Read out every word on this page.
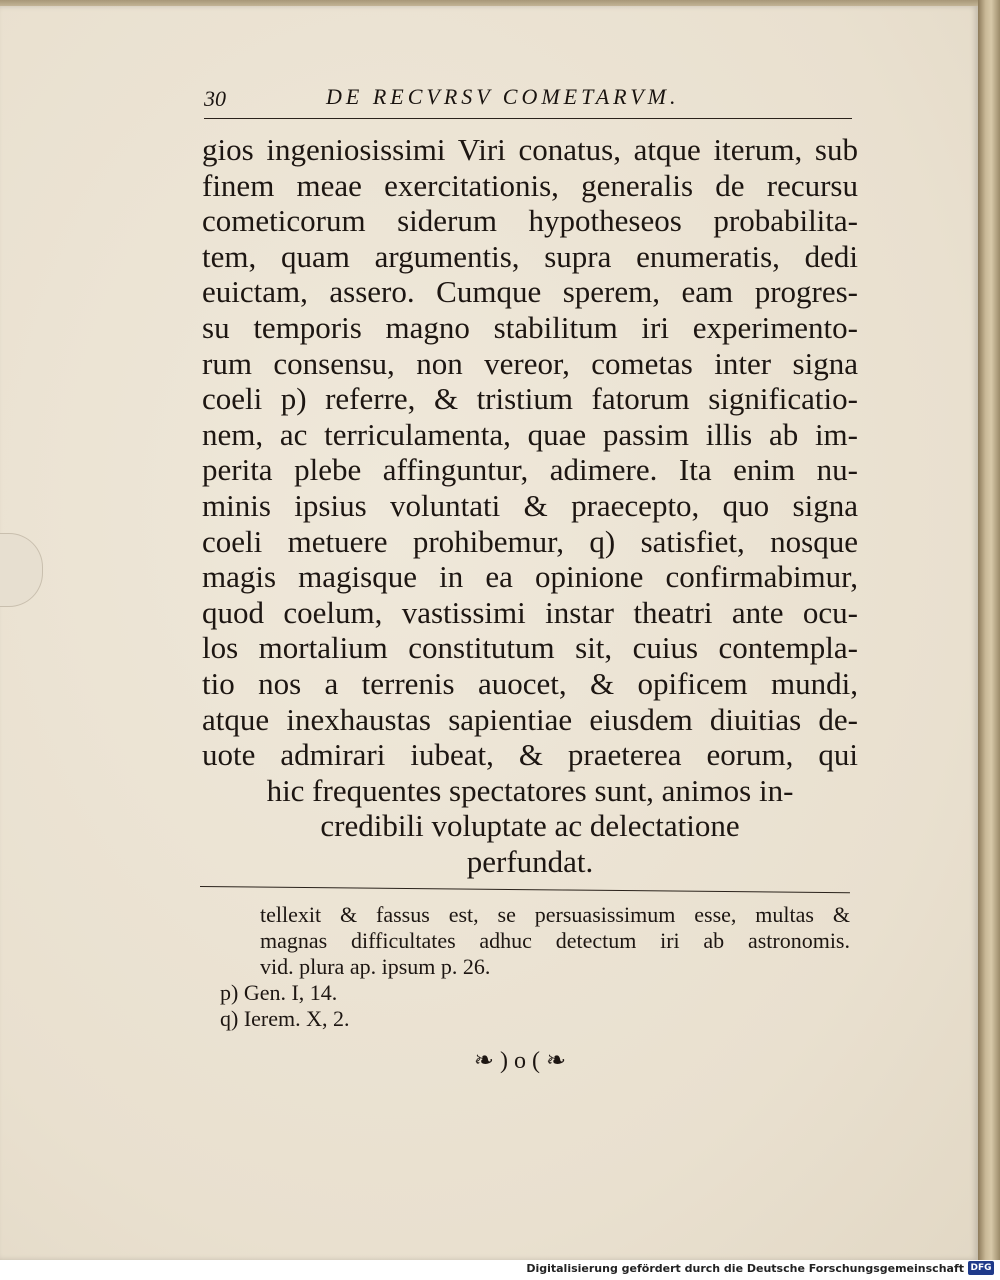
30	DE RECVRSV COMETARVM.
gios ingeniosissimi Viri conatus, atque iterum, sub
finem meae exercitationis, generalis de recursu
cometicorum siderum hypotheseos probabilita-
tem, quam argumentis, supra enumeratis, dedi
euictam, assero. Cumque sperem, eam progres-
su temporis magno stabilitum iri experimento-
rum consensu, non vereor, cometas inter signa
coeli p) referre, & tristium fatorum significatio-
nem, ac terriculamenta, quae passim illis ab im-
perita plebe affinguntur, adimere. Ita enim nu-
minis ipsius voluntati & praecepto, quo signa
coeli metuere prohibemur, q) satisfiet, nosque
magis magisque in ea opinione confirmabimur,
quod coelum, vastissimi instar theatri ante ocu-
los mortalium constitutum sit, cuius contempla-
tio nos a terrenis auocet, & opificem mundi,
atque inexhaustas sapientiae eiusdem diuitias de-
uote admirari iubeat, & praeterea eorum, qui
hic frequentes spectatores sunt, animos in-
credibili voluptate ac delectatione
perfundat.
tellexit & fassus est, se persuasissimum esse, multas &
magnas difficultates adhuc detectum iri ab astronomis.
vid. plura ap. ipsum p. 26.
p) Gen. I, 14.
q) Ierem. X, 2.
❧ ) o ( ❧
Digitalisierung gefördert durch die Deutsche Forschungsgemeinschaft DFG
